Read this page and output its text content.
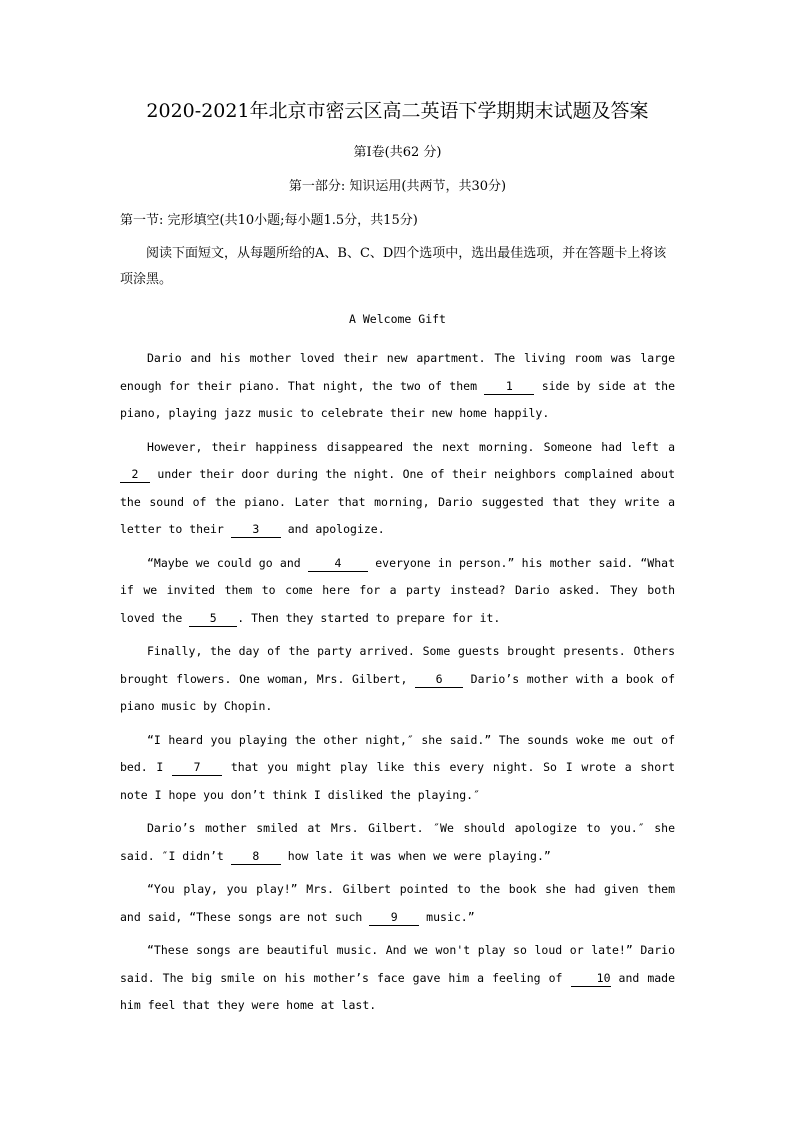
2020-2021年北京市密云区高二英语下学期期末试题及答案
第I卷(共62 分)
第一部分: 知识运用(共两节，共30分)
第一节: 完形填空(共10小题;每小题1.5分，共15分)
阅读下面短文，从每题所给的A、B、C、D四个选项中，选出最佳选项，并在答题卡上将该项涂黑。
A Welcome Gift

Dario and his mother loved their new apartment. The living room was large enough for their piano. That night, the two of them 1 side by side at the piano, playing jazz music to celebrate their new home happily.

However, their happiness disappeared the next morning. Someone had left a 2 under their door during the night. One of their neighbors complained about the sound of the piano. Later that morning, Dario suggested that they write a letter to their 3 and apologize.

“Maybe we could go and 4 everyone in person.” his mother said. “What if we invited them to come here for a party instead? Dario asked. They both loved the 5 . Then they started to prepare for it.

Finally, the day of the party arrived. Some guests brought presents. Others brought flowers. One woman, Mrs. Gilbert, 6 Dario’s mother with a book of piano music by Chopin.

“I heard you playing the other night,″ she said.” The sounds woke me out of bed. I 7 that you might play like this every night. So I wrote a short note I hope you don’t think I disliked the playing.″

Dario’s mother smiled at Mrs. Gilbert. ″We should apologize to you.″ she said. ″I didn’t 8 how late it was when we were playing.”

“You play, you play!” Mrs. Gilbert pointed to the book she had given them and said, “These songs are not such 9 music.”

“These songs are beautiful music. And we won't play so loud or late!” Dario said. The big smile on his mother’s face gave him a feeling of 10 and made him feel that they were home at last.
